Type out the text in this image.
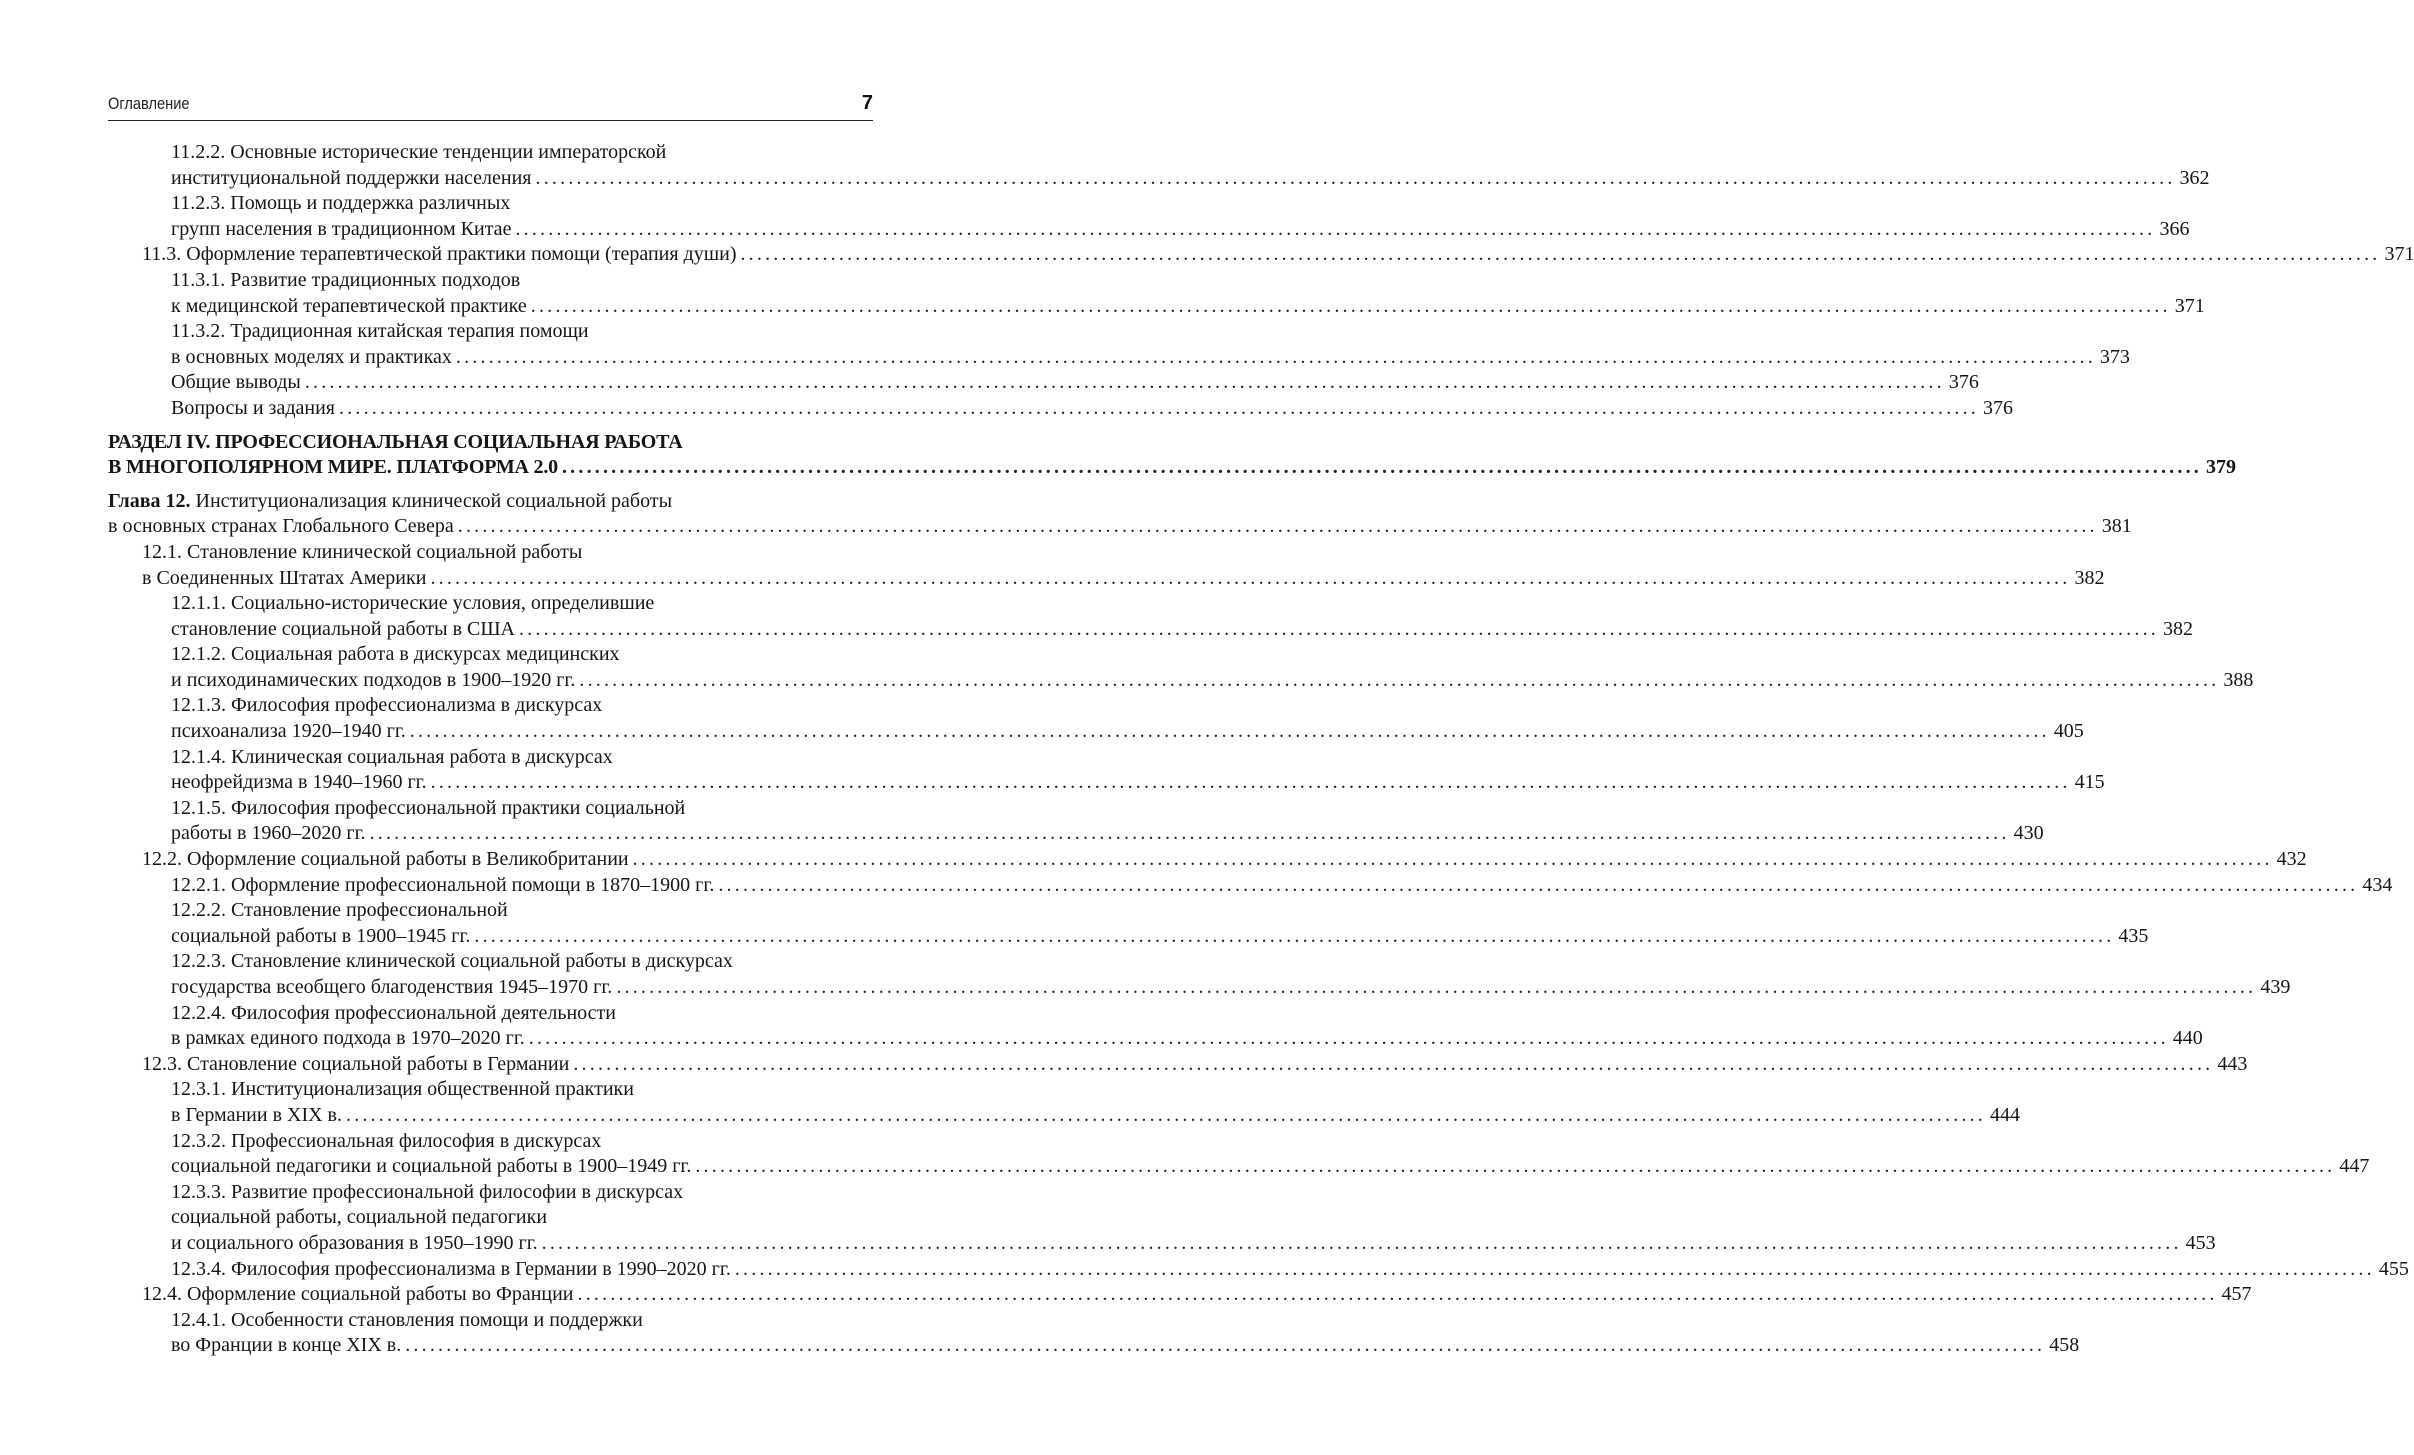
Оглавление	7
11.2.2. Основные исторические тенденции императорской
институциональной поддержки населения ........................................................................................................................................................................................................ 362
11.2.3. Помощь и поддержка различных
групп населения в традиционном Китае ........................................................................................................................................................................................................ 366
11.3. Оформление терапевтической практики помощи (терапия души) ........................................................................................................................................................................................................ 371
11.3.1. Развитие традиционных подходов
к медицинской терапевтической практике ........................................................................................................................................................................................................ 371
11.3.2. Традиционная китайская терапия помощи
в основных моделях и практиках ........................................................................................................................................................................................................ 373
Общие выводы ........................................................................................................................................................................................................ 376
Вопросы и задания ........................................................................................................................................................................................................ 376
РАЗДЕЛ IV. ПРОФЕССИОНАЛЬНАЯ СОЦИАЛЬНАЯ РАБОТА
В МНОГОПОЛЯРНОМ МИРЕ. ПЛАТФОРМА 2.0 ........................................................................................................................................................................................................ 379
Глава 12. Институционализация клинической социальной работы
в основных странах Глобального Севера ........................................................................................................................................................................................................ 381
12.1. Становление клинической социальной работы
в Соединенных Штатах Америки ........................................................................................................................................................................................................ 382
12.1.1. Социально-исторические условия, определившие
становление социальной работы в США ........................................................................................................................................................................................................ 382
12.1.2. Социальная работа в дискурсах медицинских
и психодинамических подходов в 1900–1920 гг. ........................................................................................................................................................................................................ 388
12.1.3. Философия профессионализма в дискурсах
психоанализа 1920–1940 гг. ........................................................................................................................................................................................................ 405
12.1.4. Клиническая социальная работа в дискурсах
неофрейдизма в 1940–1960 гг. ........................................................................................................................................................................................................ 415
12.1.5. Философия профессиональной практики социальной
работы в 1960–2020 гг. ........................................................................................................................................................................................................ 430
12.2. Оформление социальной работы в Великобритании ........................................................................................................................................................................................................ 432
12.2.1. Оформление профессиональной помощи в 1870–1900 гг. ........................................................................................................................................................................................................ 434
12.2.2. Становление профессиональной
социальной работы в 1900–1945 гг. ........................................................................................................................................................................................................ 435
12.2.3. Становление клинической социальной работы в дискурсах
государства всеобщего благоденствия 1945–1970 гг. ........................................................................................................................................................................................................ 439
12.2.4. Философия профессиональной деятельности
в рамках единого подхода в 1970–2020 гг. ........................................................................................................................................................................................................ 440
12.3. Становление социальной работы в Германии ........................................................................................................................................................................................................ 443
12.3.1. Институционализация общественной практики
в Германии в XIX в. ........................................................................................................................................................................................................ 444
12.3.2. Профессиональная философия в дискурсах
социальной педагогики и социальной работы в 1900–1949 гг. ........................................................................................................................................................................................................ 447
12.3.3. Развитие профессиональной философии в дискурсах
социальной работы, социальной педагогики
и социального образования в 1950–1990 гг. ........................................................................................................................................................................................................ 453
12.3.4. Философия профессионализма в Германии в 1990–2020 гг. ........................................................................................................................................................................................................ 455
12.4. Оформление социальной работы во Франции ........................................................................................................................................................................................................ 457
12.4.1. Особенности становления помощи и поддержки
во Франции в конце XIX в. ........................................................................................................................................................................................................ 458
